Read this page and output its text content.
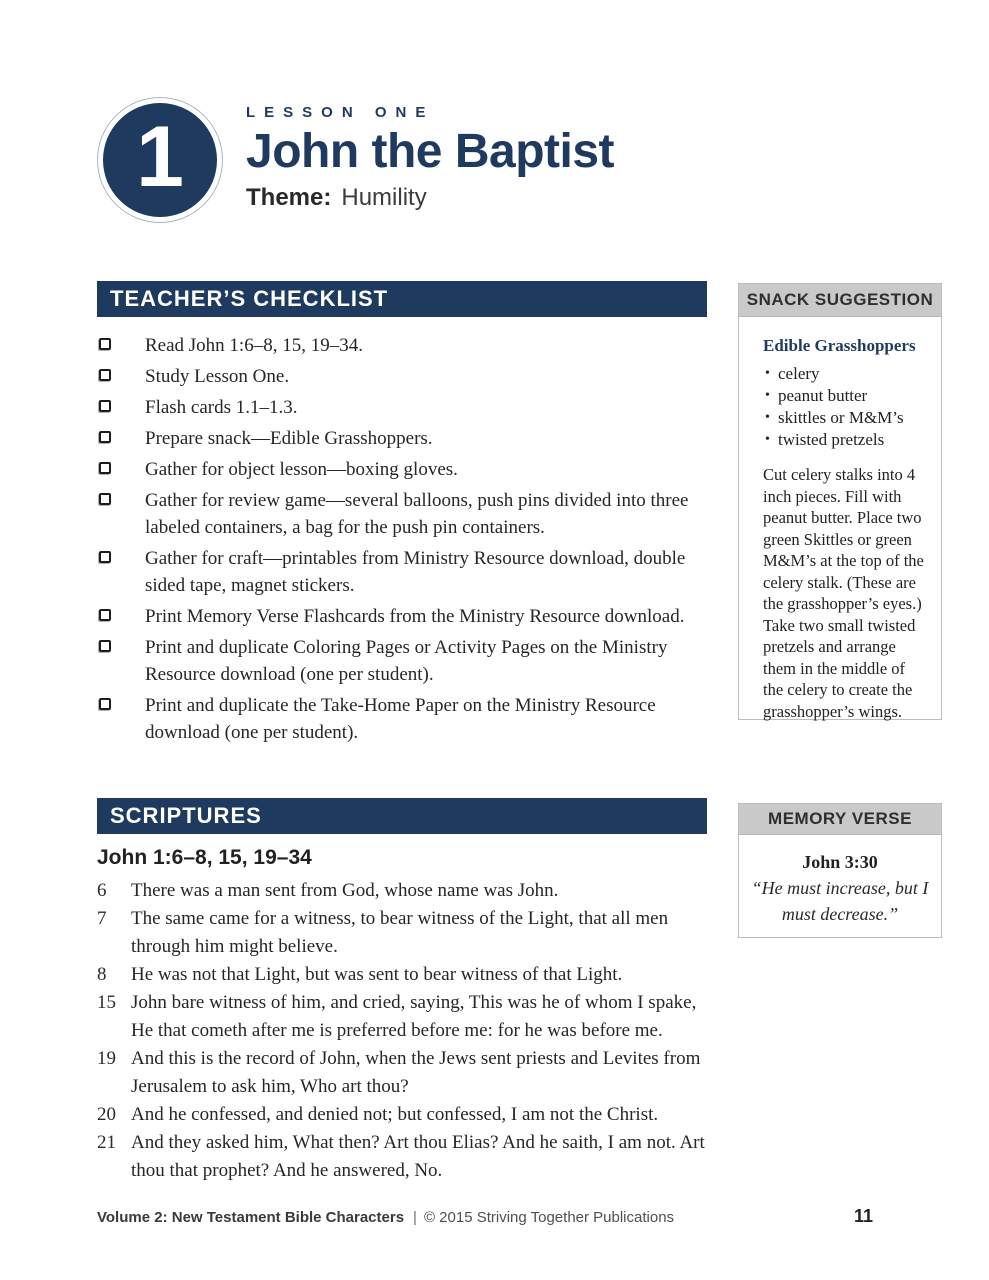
1	LESSON ONE
John the Baptist
Theme: Humility
TEACHER’S CHECKLIST
Read John 1:6–8, 15, 19–34.
Study Lesson One.
Flash cards 1.1–1.3.
Prepare snack—Edible Grasshoppers.
Gather for object lesson—boxing gloves.
Gather for review game—several balloons, push pins divided into three labeled containers, a bag for the push pin containers.
Gather for craft—printables from Ministry Resource download, double sided tape, magnet stickers.
Print Memory Verse Flashcards from the Ministry Resource download.
Print and duplicate Coloring Pages or Activity Pages on the Ministry Resource download (one per student).
Print and duplicate the Take-Home Paper on the Ministry Resource download (one per student).
SCRIPTURES
John 1:6–8, 15, 19–34
6	There was a man sent from God, whose name was John.
7	The same came for a witness, to bear witness of the Light, that all men through him might believe.
8	He was not that Light, but was sent to bear witness of that Light.
15 John bare witness of him, and cried, saying, This was he of whom I spake, He that cometh after me is preferred before me: for he was before me.
19 And this is the record of John, when the Jews sent priests and Levites from Jerusalem to ask him, Who art thou?
20 And he confessed, and denied not; but confessed, I am not the Christ.
21 And they asked him, What then? Art thou Elias? And he saith, I am not. Art thou that prophet? And he answered, No.
SNACK SUGGESTION
Edible Grasshoppers
• celery
• peanut butter
• skittles or M&M’s
• twisted pretzels
Cut celery stalks into 4 inch pieces. Fill with peanut butter. Place two green Skittles or green M&M’s at the top of the celery stalk. (These are the grasshopper’s eyes.) Take two small twisted pretzels and arrange them in the middle of the celery to create the grasshopper’s wings.
MEMORY VERSE
John 3:30
“He must increase, but I must decrease.”
Volume 2: New Testament Bible Characters | © 2015 Striving Together Publications	11
